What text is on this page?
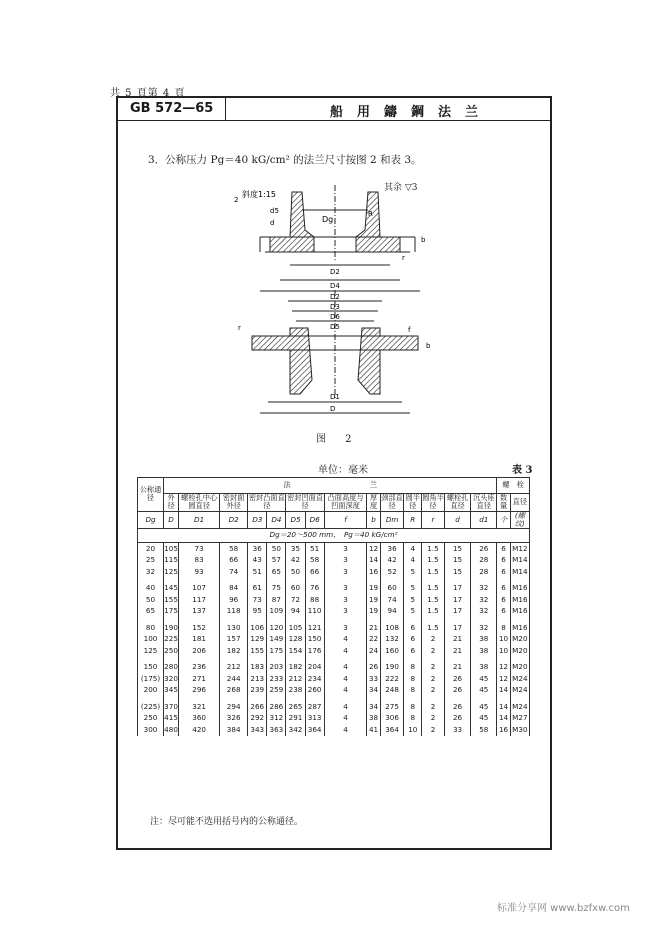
共 5 頁第 4 頁
GB 572—65	船用鑄鋼法兰
3．公称压力 Pg＝40 kG/cm² 的法兰尺寸按图 2 和表 3。
其余 ▽3
斜度1:15
d5
d	Dg
R
b
r
2
D2
D4
D2
D3
D6
D5
r	f
b
D1
D
图 2
单位：毫米	表 3
公称通径	法　　　　　　　　　　　兰														螺　栓	
	外径	螺栓孔中心圆直径	密封面外径	密封凸面直径		密封凹面直径		凸面高度与凹面深度	厚度	颈部直径	圆半径	圆角半径	螺栓孔直径	沉头座直径	数量	直径
Dg	D	D1	D2	D3	D4	D5	D6	f	b	Dm	R	r	d	d1	个	(螺纹)
Dg＝20～500 mm，　Pg＝40 kG/cm²																
20	105	73	58	36	50	35	51	3	12	36	4	1.5	15	26	6	M12
25	115	83	66	43	57	42	58	3	14	42	4	1.5	15	28	6	M14
32	125	93	74	51	65	50	66	3	16	52	5	1.5	15	28	6	M14

40	145	107	84	61	75	60	76	3	19	60	5	1.5	17	32	6	M16
50	155	117	96	73	87	72	88	3	19	74	5	1.5	17	32	6	M16
65	175	137	118	95	109	94	110	3	19	94	5	1.5	17	32	6	M16

80	190	152	130	106	120	105	121	3	21	108	6	1.5	17	32	8	M16
100	225	181	157	129	149	128	150	4	22	132	6	2	21	38	10	M20
125	250	206	182	155	175	154	176	4	24	160	6	2	21	38	10	M20

150	280	236	212	183	203	182	204	4	26	190	8	2	21	38	12	M20
(175)	320	271	244	213	233	212	234	4	33	222	8	2	26	45	12	M24
200	345	296	268	239	259	238	260	4	34	248	8	2	26	45	14	M24

(225)	370	321	294	266	286	265	287	4	34	275	8	2	26	45	14	M24
250	415	360	326	292	312	291	313	4	38	306	8	2	26	45	14	M27
300	480	420	384	343	363	342	364	4	41	364	10	2	33	58	16	M30
注：尽可能不选用括号内的公称通径。
标准分享网 www.bzfxw.com
